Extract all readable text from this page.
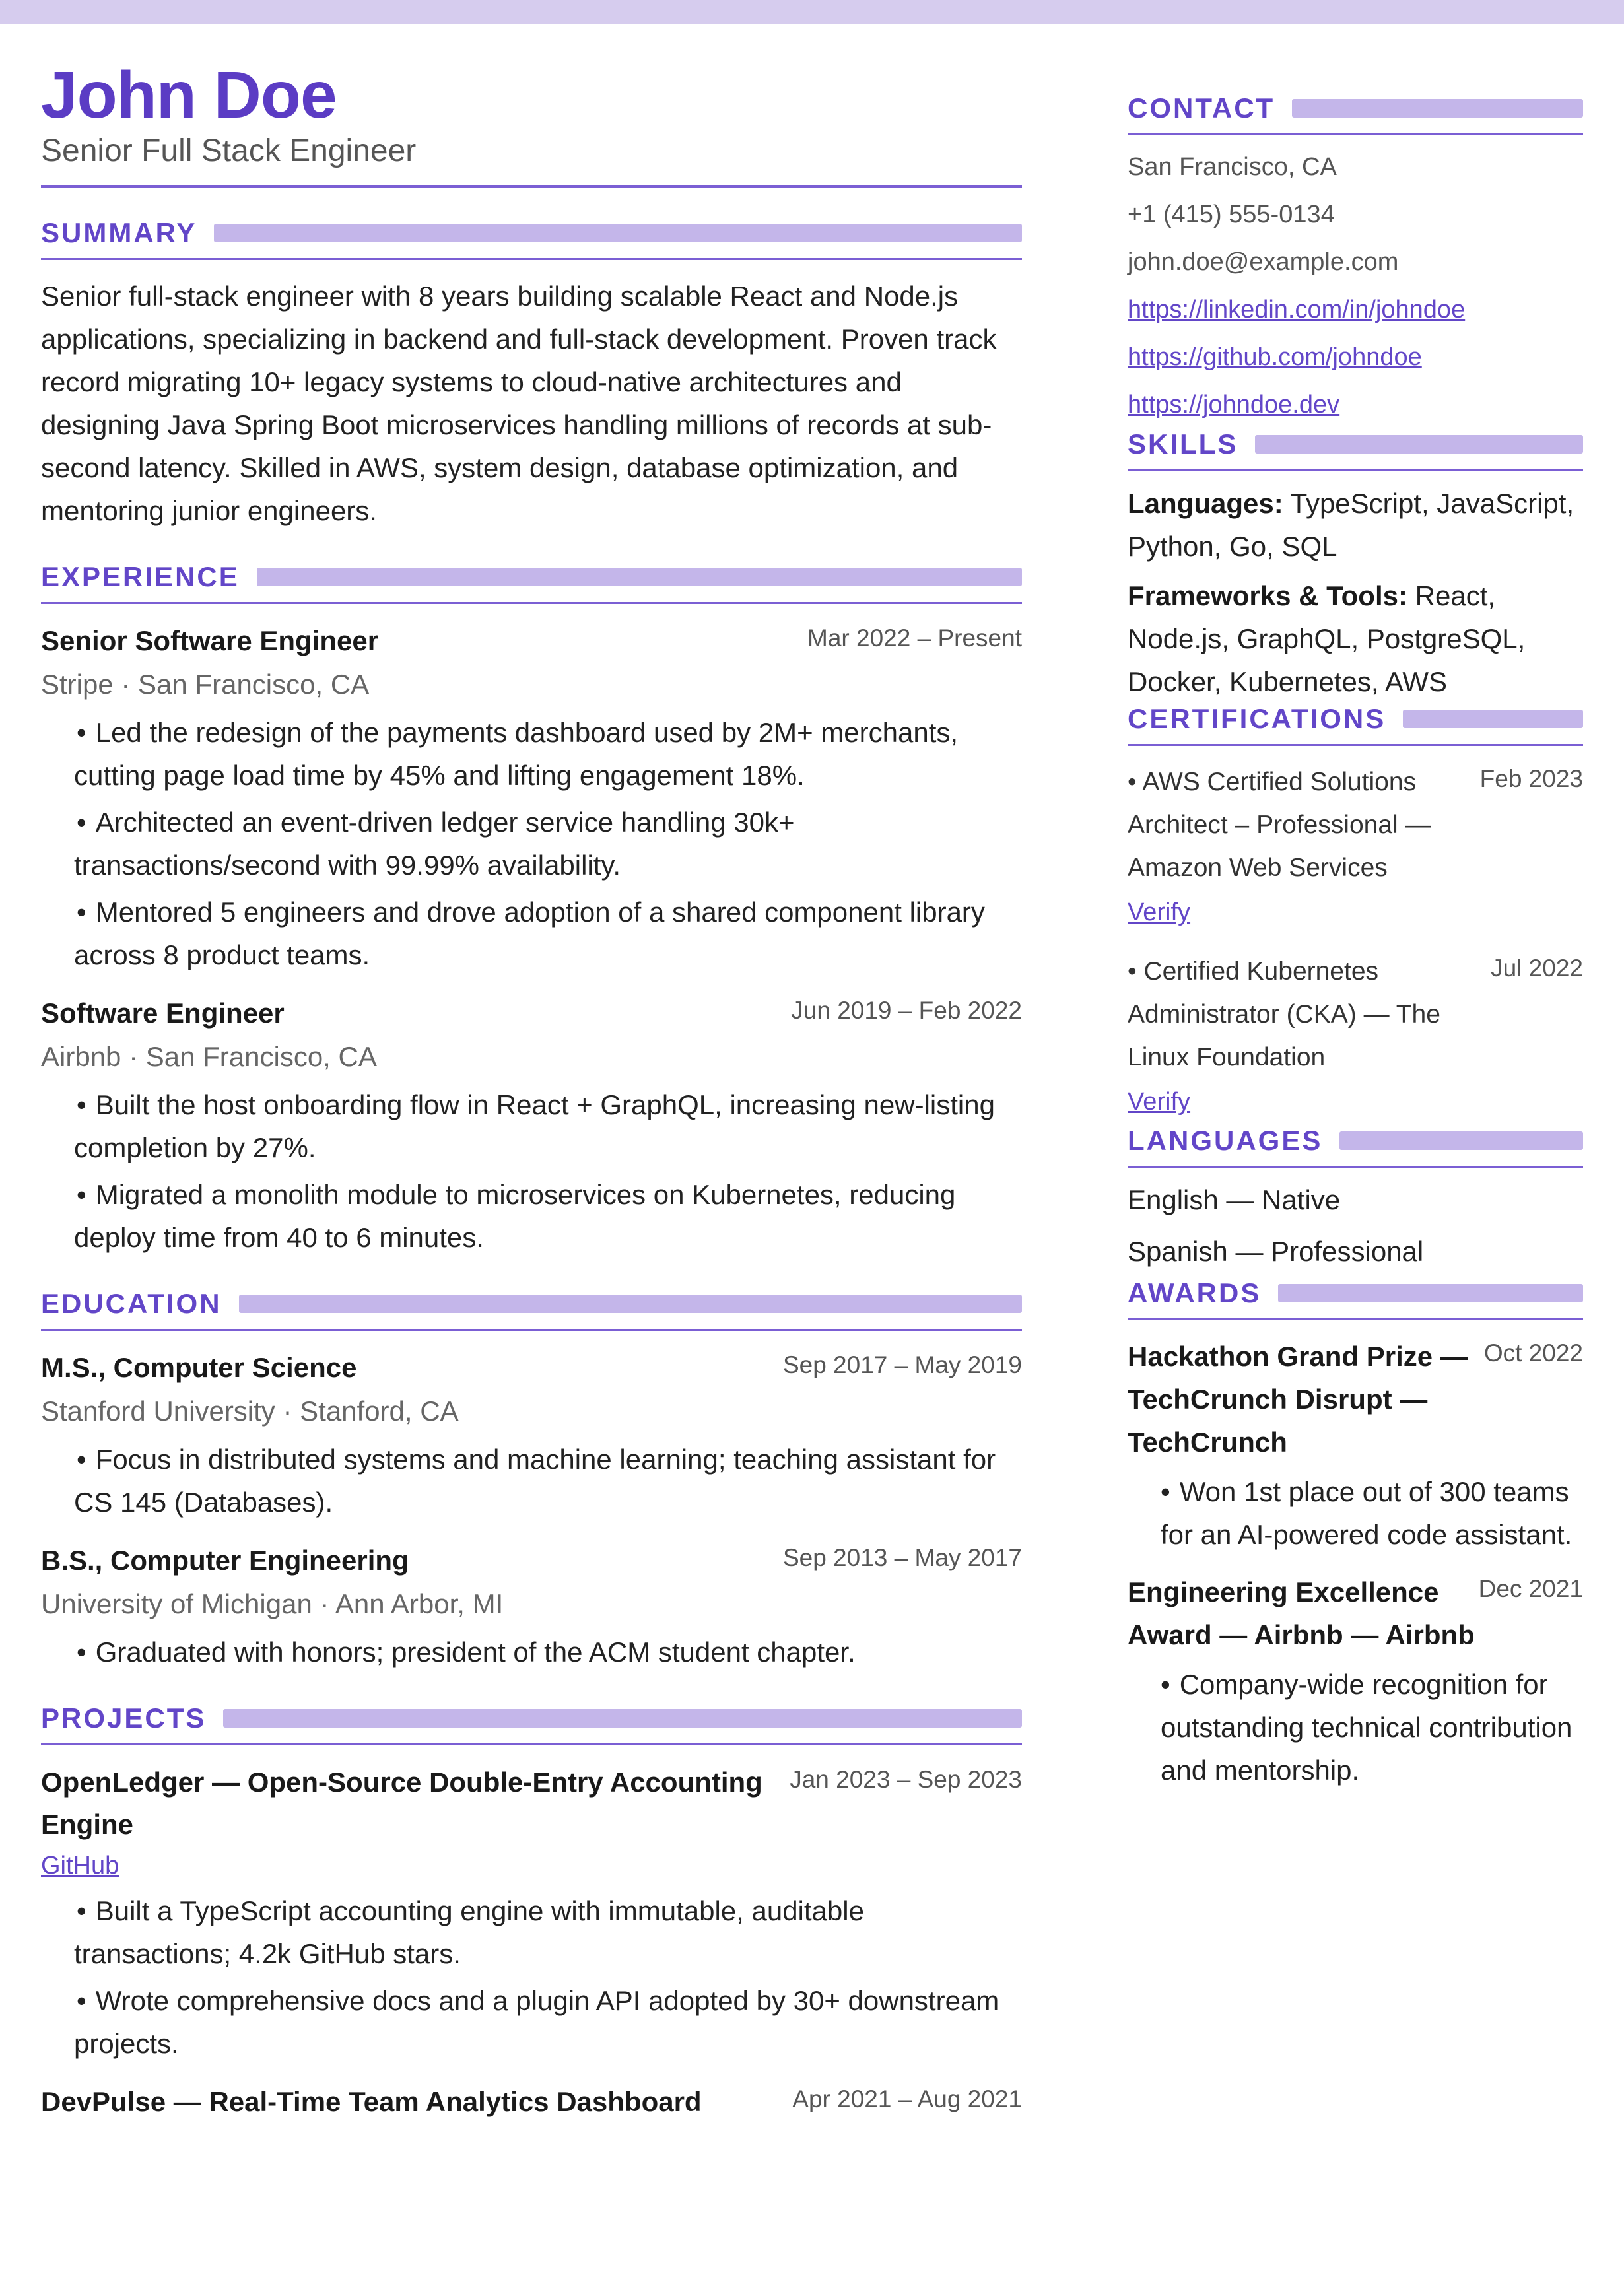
John Doe
Senior Full Stack Engineer
SUMMARY
Senior full-stack engineer with 8 years building scalable React and Node.js applications, specializing in backend and full-stack development. Proven track record migrating 10+ legacy systems to cloud-native architectures and designing Java Spring Boot microservices handling millions of records at sub-second latency. Skilled in AWS, system design, database optimization, and mentoring junior engineers.
EXPERIENCE
Senior Software Engineer	Mar 2022 – Present
Stripe · San Francisco, CA
• Led the redesign of the payments dashboard used by 2M+ merchants, cutting page load time by 45% and lifting engagement 18%.
• Architected an event-driven ledger service handling 30k+ transactions/second with 99.99% availability.
• Mentored 5 engineers and drove adoption of a shared component library across 8 product teams.
Software Engineer	Jun 2019 – Feb 2022
Airbnb · San Francisco, CA
• Built the host onboarding flow in React + GraphQL, increasing new-listing completion by 27%.
• Migrated a monolith module to microservices on Kubernetes, reducing deploy time from 40 to 6 minutes.
EDUCATION
M.S., Computer Science	Sep 2017 – May 2019
Stanford University · Stanford, CA
• Focus in distributed systems and machine learning; teaching assistant for CS 145 (Databases).
B.S., Computer Engineering	Sep 2013 – May 2017
University of Michigan · Ann Arbor, MI
• Graduated with honors; president of the ACM student chapter.
PROJECTS
OpenLedger — Open-Source Double-Entry Accounting Engine
Jan 2023 – Sep 2023
GitHub
• Built a TypeScript accounting engine with immutable, auditable transactions; 4.2k GitHub stars.
• Wrote comprehensive docs and a plugin API adopted by 30+ downstream projects.
DevPulse — Real-Time Team Analytics Dashboard	Apr 2021 – Aug 2021
CONTACT
San Francisco, CA
+1 (415) 555-0134
john.doe@example.com
https://linkedin.com/in/johndoe
https://github.com/johndoe
https://johndoe.dev
SKILLS
Languages: TypeScript, JavaScript, Python, Go, SQL
Frameworks & Tools: React, Node.js, GraphQL, PostgreSQL, Docker, Kubernetes, AWS
CERTIFICATIONS
• AWS Certified Solutions Architect – Professional — Amazon Web Services
Feb 2023
Verify
• Certified Kubernetes Administrator (CKA) — The Linux Foundation
Jul 2022
Verify
LANGUAGES
English — Native
Spanish — Professional
AWARDS
Hackathon Grand Prize — TechCrunch Disrupt — TechCrunch
Oct 2022
• Won 1st place out of 300 teams for an AI-powered code assistant.
Engineering Excellence Award — Airbnb — Airbnb
Dec 2021
• Company-wide recognition for outstanding technical contribution and mentorship.
